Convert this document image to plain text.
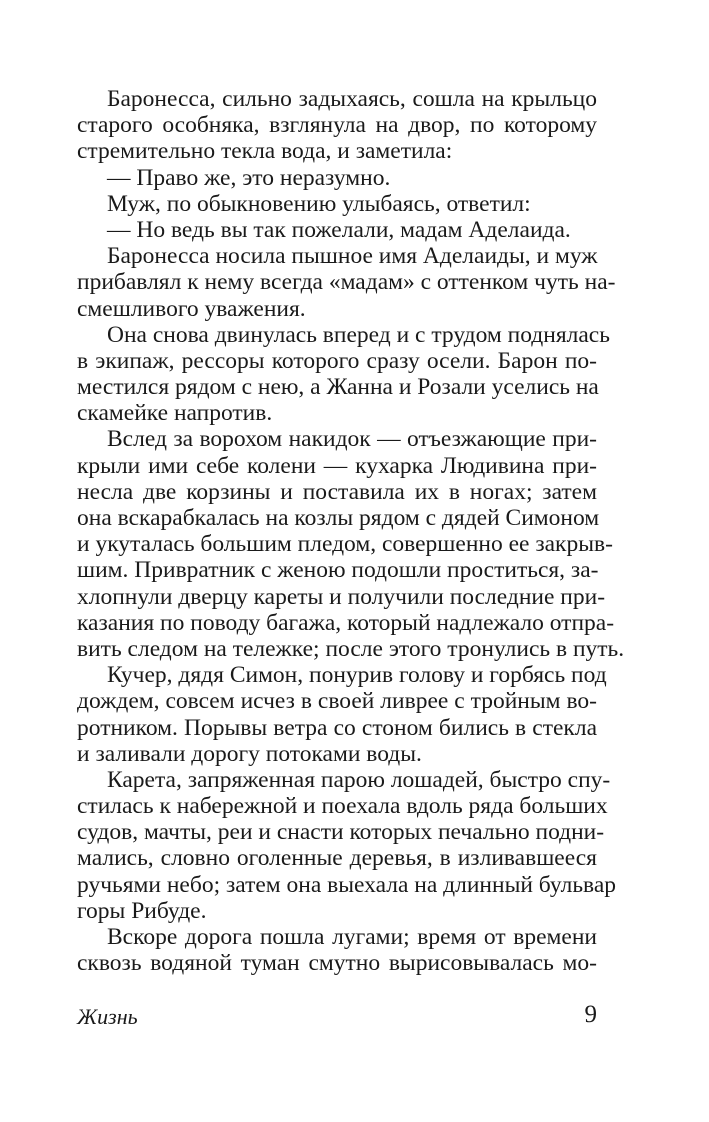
Баронесса, сильно задыхаясь, сошла на крыльцо
старого особняка, взглянула на двор, по которому
стремительно текла вода, и заметила:
— Право же, это неразумно.
Муж, по обыкновению улыбаясь, ответил:
— Но ведь вы так пожелали, мадам Аделаида.
Баронесса носила пышное имя Аделаиды, и муж
прибавлял к нему всегда «мадам» с оттенком чуть на-
смешливого уважения.
Она снова двинулась вперед и с трудом поднялась
в экипаж, рессоры которого сразу осели. Барон по-
местился рядом с нею, а Жанна и Розали уселись на
скамейке напротив.
Вслед за ворохом накидок — отъезжающие при-
крыли ими себе колени — кухарка Людивина при-
несла две корзины и поставила их в ногах; затем
она вскарабкалась на козлы рядом с дядей Симоном
и укуталась большим пледом, совершенно ее закрыв-
шим. Привратник с женою подошли проститься, за-
хлопнули дверцу кареты и получили последние при-
казания по поводу багажа, который надлежало отпра-
вить следом на тележке; после этого тронулись в путь.
Кучер, дядя Симон, понурив голову и горбясь под
дождем, совсем исчез в своей ливрее с тройным во-
ротником. Порывы ветра со стоном бились в стекла
и заливали дорогу потоками воды.
Карета, запряженная парою лошадей, быстро спу-
стилась к набережной и поехала вдоль ряда больших
судов, мачты, реи и снасти которых печально подни-
мались, словно оголенные деревья, в изливавшееся
ручьями небо; затем она выехала на длинный бульвар
горы Рибуде.
Вскоре дорога пошла лугами; время от времени
сквозь водяной туман смутно вырисовывалась мо-
Жизнь	9
